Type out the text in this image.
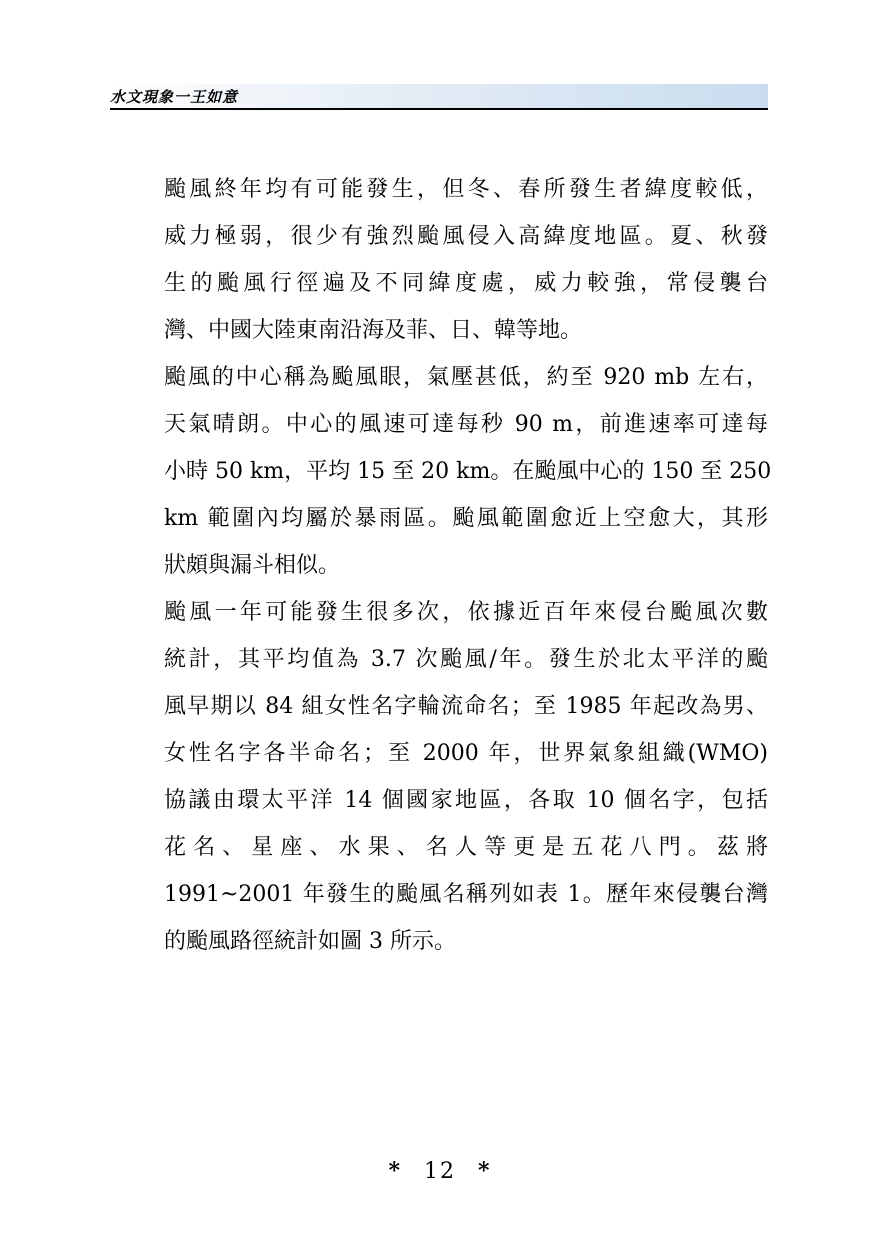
水文現象一王如意
颱風終年均有可能發生，但冬、春所發生者緯度較低，
威力極弱，很少有強烈颱風侵入高緯度地區。夏、秋發
生的颱風行徑遍及不同緯度處，威力較強，常侵襲台
灣、中國大陸東南沿海及菲、日、韓等地。
颱風的中心稱為颱風眼，氣壓甚低，約至 920 mb 左右，
天氣晴朗。中心的風速可達每秒 90 m，前進速率可達每
小時 50 km，平均 15 至 20 km。在颱風中心的 150 至 250
km 範圍內均屬於暴雨區。颱風範圍愈近上空愈大，其形
狀頗與漏斗相似。
颱風一年可能發生很多次，依據近百年來侵台颱風次數
統計，其平均值為 3.7 次颱風/年。發生於北太平洋的颱
風早期以 84 組女性名字輪流命名；至 1985 年起改為男、
女性名字各半命名；至 2000 年，世界氣象組織(WMO)
協議由環太平洋 14 個國家地區，各取 10 個名字，包括
花名、星座、水果、名人等更是五花八門。茲將
1991~2001 年發生的颱風名稱列如表 1。歷年來侵襲台灣
的颱風路徑統計如圖 3 所示。
* 12 *
